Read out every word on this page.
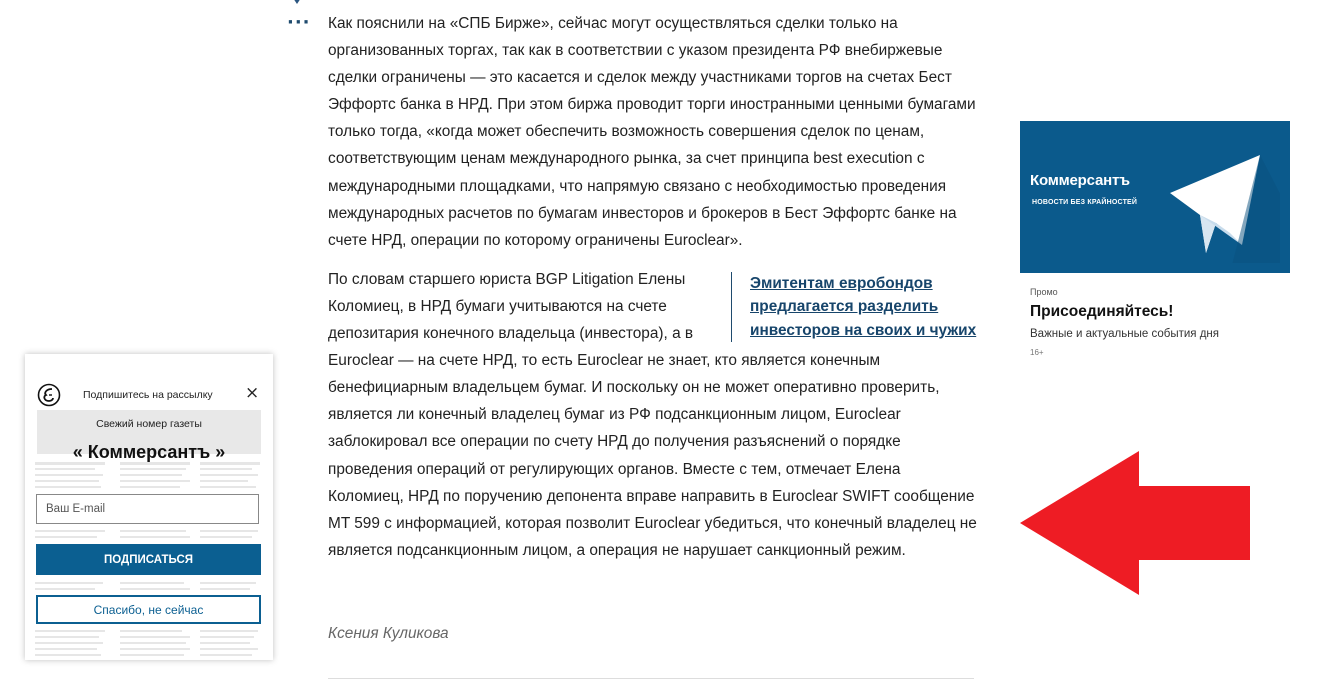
··· Как пояснили на «СПБ Бирже», сейчас могут осуществляться сделки только на организованных торгах, так как в соответствии с указом президента РФ внебиржевые сделки ограничены — это касается и сделок между участниками торгов на счетах Бест Эффортс банка в НРД. При этом биржа проводит торги иностранными ценными бумагами только тогда, «когда может обеспечить возможность совершения сделок по ценам, соответствующим ценам международного рынка, за счет принципа best execution с международными площадками, что напрямую связано с необходимостью проведения международных расчетов по бумагам инвесторов и брокеров в Бест Эффортс банке на счете НРД, операции по которому ограничены Euroclear».

Эмитентам евробондов предлагается разделить инвесторов на своих и чужих

По словам старшего юриста BGP Litigation Елены Коломиец, в НРД бумаги учитываются на счете депозитария конечного владельца (инвестора), а в Euroclear — на счете НРД, то есть Euroclear не знает, кто является конечным бенефициарным владельцем бумаг. И поскольку он не может оперативно проверить, является ли конечный владелец бумаг из РФ подсанкционным лицом, Euroclear заблокировал все операции по счету НРД до получения разъяснений о порядке проведения операций от регулирующих органов. Вместе с тем, отмечает Елена Коломиец, НРД по поручению депонента вправе направить в Euroclear SWIFT сообщение MT 599 с информацией, которая позволит Euroclear убедиться, что конечный владелец не является подсанкционным лицом, а операция не нарушает санкционный режим.

Ксения Куликова
Коммерсантъ
НОВОСТИ БЕЗ КРАЙНОСТЕЙ
Промо
Присоединяйтесь!
Важные и актуальные события дня
16+
Подпишитесь на рассылку ×
Свежий номер газеты
« Коммерсантъ »
Ваш E-mail
ПОДПИСАТЬСЯ
Спасибо, не сейчас
